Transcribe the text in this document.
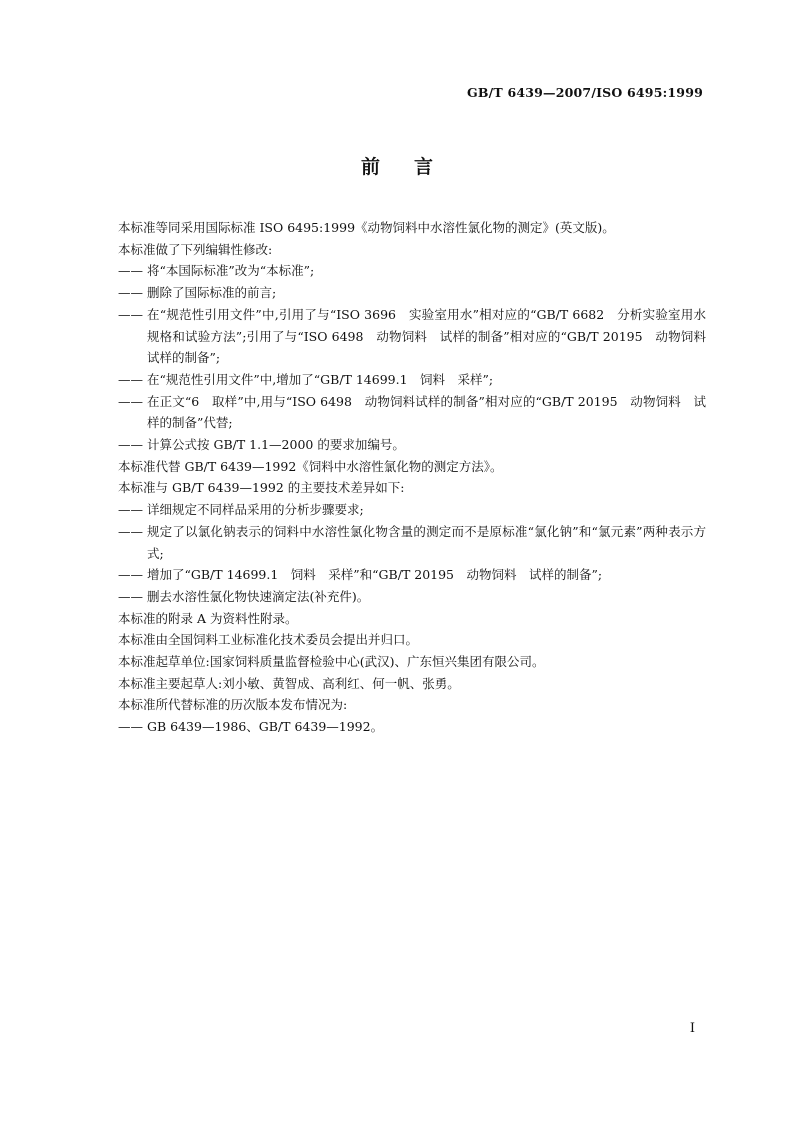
GB/T 6439—2007/ISO 6495:1999
前言
本标准等同采用国际标准 ISO 6495:1999《动物饲料中水溶性氯化物的测定》(英文版)。
本标准做了下列编辑性修改:
—— 将“本国际标准”改为“本标准”;
—— 删除了国际标准的前言;
—— 在“规范性引用文件”中,引用了与“ISO 3696　实验室用水”相对应的“GB/T 6682　分析实验室用水规格和试验方法”;引用了与“ISO 6498　动物饲料　试样的制备”相对应的“GB/T 20195　动物饲料　试样的制备”;
—— 在“规范性引用文件”中,增加了“GB/T 14699.1　饲料　采样”;
—— 在正文“6　取样”中,用与“ISO 6498　动物饲料试样的制备”相对应的“GB/T 20195　动物饲料　试样的制备”代替;
—— 计算公式按 GB/T 1.1—2000 的要求加编号。
本标准代替 GB/T 6439—1992《饲料中水溶性氯化物的测定方法》。
本标准与 GB/T 6439—1992 的主要技术差异如下:
—— 详细规定不同样品采用的分析步骤要求;
—— 规定了以氯化钠表示的饲料中水溶性氯化物含量的测定而不是原标准“氯化钠”和“氯元素”两种表示方式;
—— 增加了“GB/T 14699.1　饲料　采样”和“GB/T 20195　动物饲料　试样的制备”;
—— 删去水溶性氯化物快速滴定法(补充件)。
本标准的附录 A 为资料性附录。
本标准由全国饲料工业标准化技术委员会提出并归口。
本标准起草单位:国家饲料质量监督检验中心(武汉)、广东恒兴集团有限公司。
本标准主要起草人:刘小敏、黄智成、高利红、何一帆、张勇。
本标准所代替标准的历次版本发布情况为:
—— GB 6439—1986、GB/T 6439—1992。
I
